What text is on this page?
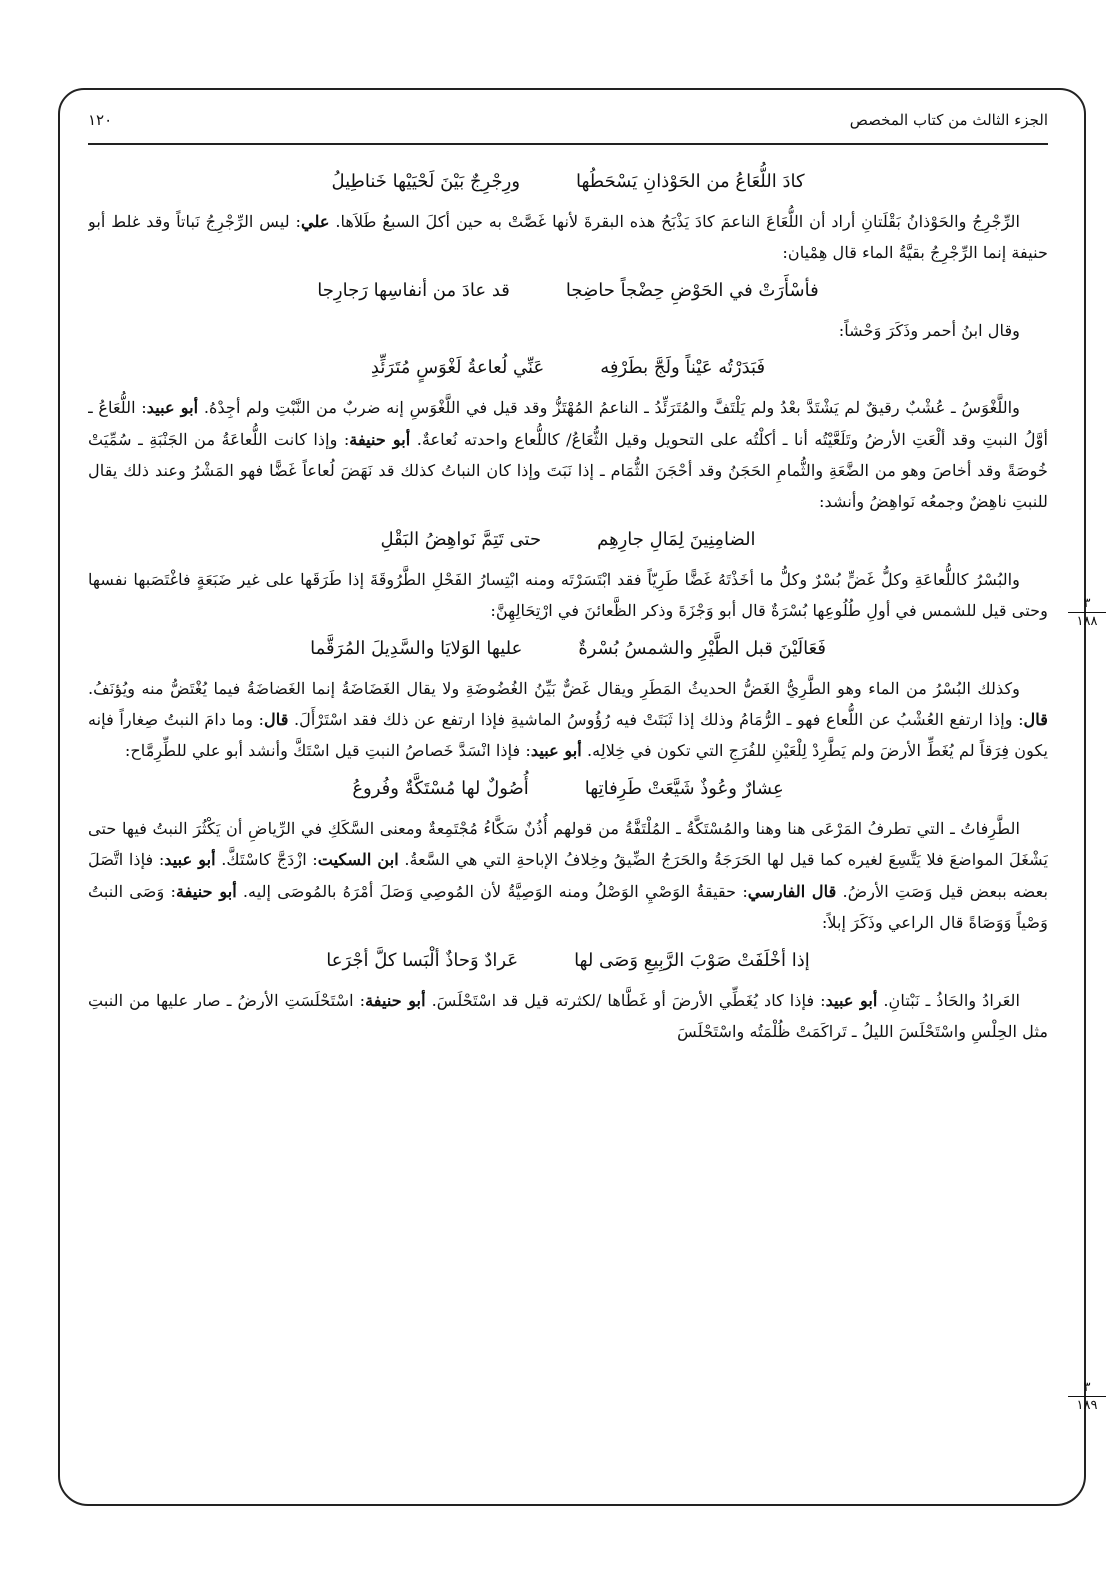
الجزء الثالث من كتاب المخصص
١٢٠
كادَ اللُّعَاعُ من الحَوْذانِ يَسْحَطُها
ورِجْرِجٌ بَيْنَ لَحْيَيْها خَناطِيلُ

الرِّجْرِجُ والحَوْذانُ بَقْلَتانِ أراد أن اللُّعَاعَ الناعمَ كادَ يَذْبَحُ هذه البقرةَ لأنها غَصَّتْ به حين أكلَ السبعُ طَلاَها. علي: ليس الرِّجْرِجُ نَباتاً وقد غلط أبو حنيفة إنما الرِّجْرِجُ بقيَّةُ الماء قال هِمْيان:

فأسْأَرَتْ في الحَوْضِ حِضْجاً حاضِجا
قد عادَ من أنفاسِها رَجارِجا

وقال ابنُ أحمر وذَكَرَ وَحْشاً:

فَبَدَرْتُه عَيْناً ولَجَّ بطَرْفِه
عَنِّي لُعاعةُ لَغْوَسٍ مُتَرَئِّدِ

واللَّغْوَسُ ـ عُشْبٌ رقيقٌ لم يَشْتَدَّ بعْدُ ولم يَلْتَفَّ والمُتَرَئِّدُ ـ الناعمُ المُهْتَزُّ وقد قيل في اللَّغْوَسِ إنه ضربٌ من النَّبْتِ ولم أجِدْهُ. أبو عبيد: اللُّعَاعُ ـ أوَّلُ النبتِ وقد ألْعَتِ الأرضُ وتَلَعَّيْتُه أنا ـ أكلْتُه على التحويل وقيل الثُّعَاعُ/ كاللُّعاع واحدته نُعاعةٌ. أبو حنيفة: وإذا كانت اللُّعاعَةُ من الجَنْبَةِ ـ سُمِّيَتْ خُوصَةً وقد أخاصَ وهو من الضَّعَةِ والثُّمامِ الحَجَنُ وقد أحْجَنَ الثُّمَام ـ إذا نَبَتَ وإذا كان النباتُ كذلك قد نَهَضَ لُعاعاً غَضًّا فهو المَشْرُ وعند ذلك يقال للنبتِ ناهِضٌ وجمعُه نَواهِضُ وأنشد:

الضامِنِينَ لِمَالِ جارِهِم
حتى تَتِمَّ نَواهِضُ البَقْلِ

والبُسْرُ كاللُّعاعَةِ وكلُّ غَضٍّ بُسْرٌ وكلُّ ما أخَذْتَهُ غَضًّا طَرِيّاً فقد ابْتَسَرْتَه ومنه ابْتِسارُ الفَحْلِ الطَّرُوقَةَ إذا طَرَقَها على غير ضَبَعَةٍ فاغْتَصَبها نفسها وحتى قيل للشمس في أولِ طُلُوعِها بُسْرَةٌ قال أبو وَجْزَةَ وذكر الظَّعائنَ في ارْتِحَالِهِنَّ:

فَعَالَيْنَ قبل الطَّيْرِ والشمسُ بُسْرةٌ
عليها الوَلايَا والسَّدِيلَ المُرَقَّما

وكذلك البُسْرُ من الماء وهو الطَّرِيُّ الغَضُّ الحديثُ المَطَرِ ويقال غَضٌّ بَيِّنُ الغُضُوضَةِ ولا يقال الغَضَاضَةُ إنما الغَضاضَةُ فيما يُغْتَضُّ منه ويُؤنَفُ. قال: وإذا ارتفع العُشْبُ عن اللُّعاع فهو ـ الرُّمَامُ وذلك إذا ثَبَتَتْ فيه رُؤُوسُ الماشيةِ فإذا ارتفع عن ذلك فقد اسْتَرْأَلَ. قال: وما دامَ النبتُ صِغاراً فإنه يكون فِرَقاً لم يُغَطِّ الأرضَ ولم يَطَّرِدْ لِلْعَيْنِ للفُرَجِ التي تكون في خِلالِه. أبو عبيد: فإذا انْسَدَّ خَصاصُ النبتِ قيل اسْتَكَّ وأنشد أبو علي للطِّرِمَّاح:

عِشارٌ وعُوذٌ شَيَّعَتْ طَرِفاتِها
أُصُولٌ لها مُسْتَكَّةٌ وفُروعُ

الطَّرِفاتُ ـ التي تطرفُ المَرْعَى هنا وهنا والمُسْتَكَّةُ ـ المُلْتَفَّةُ من قولهم أُذُنٌ سَكَّاءُ مُجْتَمِعةٌ ومعنى السَّكَكِ في الرِّياضِ أن يَكْثُرَ النبتُ فيها حتى يَشْغَلَ المواضعَ فلا يَتَّسِعَ لغيره كما قيل لها الحَرَجَةُ والحَرَجُ الضِّيقُ وخِلافُ الإباحةِ التي هي السَّعةُ. ابن السكيت: ازْدَجَّ كاسْتَكَّ. أبو عبيد: فإذا اتَّصَلَ بعضه ببعض قيل وَصَتِ الأرضُ. قال الفارسي: حقيقةُ الوَصْيِ الوَصْلُ ومنه الوَصِيَّةُ لأن المُوصِي وَصَلَ أمْرَهُ بالمُوصَى إليه. أبو حنيفة: وَصَى النبتُ وَصْياً وَوَصَاةً قال الراعي وذَكَرَ إبلاً:

إذا أخْلَفَتْ صَوْبَ الرَّبِيعِ وَصَى لها
عَرادٌ وَحاذٌ ألْبَسا كلَّ أجْرَعا

العَرادُ والحَاذُ ـ نَبْتانِ. أبو عبيد: فإذا كاد يُغَطِّي الأرضَ أو غَطَّاها /لكثرته قيل قد اسْتَحْلَسَ. أبو حنيفة: اسْتَحْلَسَتِ الأرضُ ـ صار عليها من النبتِ مثل الحِلْسِ واسْتَحْلَسَ الليلُ ـ تَراكَمَتْ ظُلْمَتُه واسْتَحْلَسَ

٣
١٨٨
٣
١٨٩
